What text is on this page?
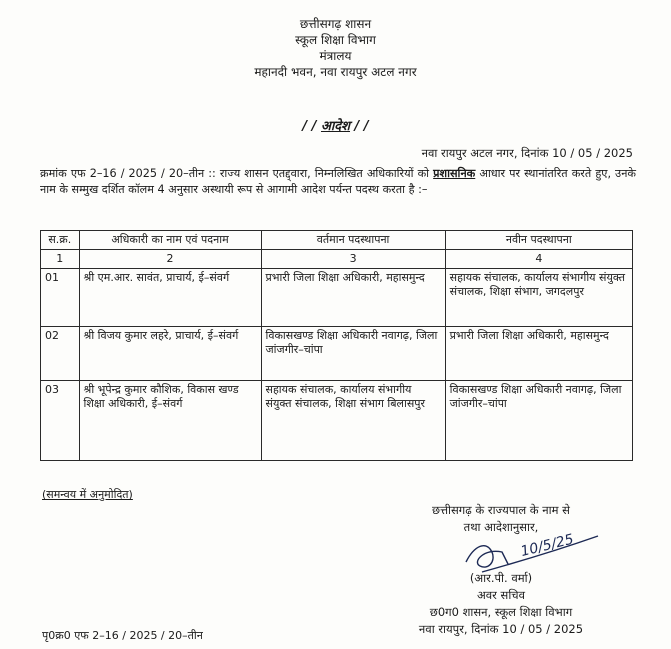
छत्तीसगढ़ शासन
स्कूल शिक्षा विभाग
मंत्रालय
महानदी भवन, नवा रायपुर अटल नगर
/ / आदेश / /
नवा रायपुर अटल नगर, दिनांक 10 / 05 / 2025
क्रमांक एफ 2–16 / 2025 / 20–तीन :: राज्य शासन एतद्द्वारा, निम्नलिखित अधिकारियों को प्रशासनिक आधार पर स्थानांतरित करते हुए, उनके नाम के सम्मुख दर्शित कॉलम 4 अनुसार अस्थायी रूप से आगामी आदेश पर्यन्त पदस्थ करता है :–
स.क्र.	अधिकारी का नाम एवं पदनाम	वर्तमान पदस्थापना	नवीन पदस्थापना
1	2	3	4
01	श्री एम.आर. सावंत, प्राचार्य, ई–संवर्ग	प्रभारी जिला शिक्षा अधिकारी, महासमुन्द	सहायक संचालक, कार्यालय संभागीय संयुक्त संचालक, शिक्षा संभाग, जगदलपुर
02	श्री विजय कुमार लहरे, प्राचार्य, ई–संवर्ग	विकासखण्ड शिक्षा अधिकारी नवागढ़, जिला जांजगीर–चांपा	प्रभारी जिला शिक्षा अधिकारी, महासमुन्द
03	श्री भूपेन्द्र कुमार कौशिक, विकास खण्ड शिक्षा अधिकारी, ई–संवर्ग	सहायक संचालक, कार्यालय संभागीय संयुक्त संचालक, शिक्षा संभाग बिलासपुर	विकासखण्ड शिक्षा अधिकारी नवागढ़, जिला जांजगीर–चांपा
(समन्वय में अनुमोदित)
छत्तीसगढ़ के राज्यपाल के नाम से
तथा आदेशानुसार,
10/5/25
(आर.पी. वर्मा)
अवर सचिव
छ0ग0 शासन, स्कूल शिक्षा विभाग
नवा रायपुर, दिनांक 10 / 05 / 2025
पृ0क्र0 एफ 2–16 / 2025 / 20–तीन
